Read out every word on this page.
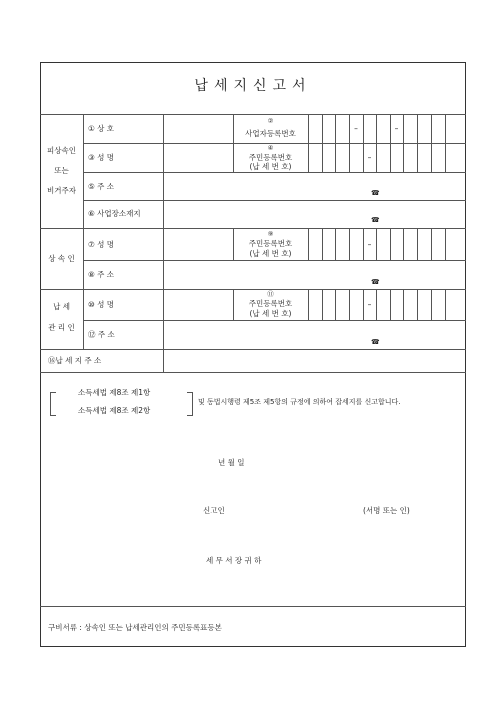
납세지신고서
피상속인
또는
비거주자
상 속 인
납 세
관 리 인
① 상 호
③ 성 명
⑤ 주 소
⑥ 사업장소재지
⑦ 성 명
⑧ 주 소
⑩ 성 명
⑫ 주 소
⑯납 세 지 주 소
②
사업자등록번호
④
주민등록번호
(납 세 번 호)
⑨
주민등록번호
(납 세 번 호)
⑪
주민등록번호
(납 세 번 호)
–	–
–
–
–
☎
☎
☎
☎
소득세법 제8조 제1항
소득세법 제8조 제2항
및 동법시행령 제5조 제5항의 규정에 의하여 잡세지를 신고합니다.
년 월 일
신고인	(서명 또는 인)
세 무 서 장 귀 하
구비서류 : 상속인 또는 납세관리인의 주민등록표등본
